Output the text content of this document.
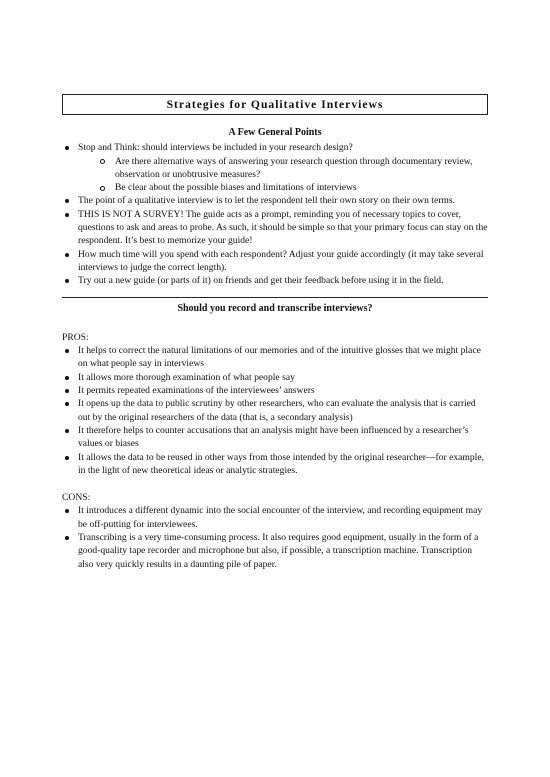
Strategies for Qualitative Interviews
A Few General Points
Stop and Think: should interviews be included in your research design?
Are there alternative ways of answering your research question through documentary review, observation or unobtrusive measures?
Be clear about the possible biases and limitations of interviews
The point of a qualitative interview is to let the respondent tell their own story on their own terms.
THIS IS NOT A SURVEY! The guide acts as a prompt, reminding you of necessary topics to cover, questions to ask and areas to probe. As such, it should be simple so that your primary focus can stay on the respondent. It’s best to memorize your guide!
How much time will you spend with each respondent? Adjust your guide accordingly (it may take several interviews to judge the correct length).
Try out a new guide (or parts of it) on friends and get their feedback before using it in the field.
Should you record and transcribe interviews?
PROS:
It helps to correct the natural limitations of our memories and of the intuitive glosses that we might place on what people say in interviews
It allows more thorough examination of what people say
It permits repeated examinations of the interviewees’ answers
It opens up the data to public scrutiny by other researchers, who can evaluate the analysis that is carried out by the original researchers of the data (that is, a secondary analysis)
It therefore helps to counter accusations that an analysis might have been influenced by a researcher’s values or biases
It allows the data to be reused in other ways from those intended by the original researcher—for example, in the light of new theoretical ideas or analytic strategies.
CONS:
It introduces a different dynamic into the social encounter of the interview, and recording equipment may be off-putting for interviewees.
Transcribing is a very time-consuming process. It also requires good equipment, usually in the form of a good-quality tape recorder and microphone but also, if possible, a transcription machine. Transcription also very quickly results in a daunting pile of paper.
